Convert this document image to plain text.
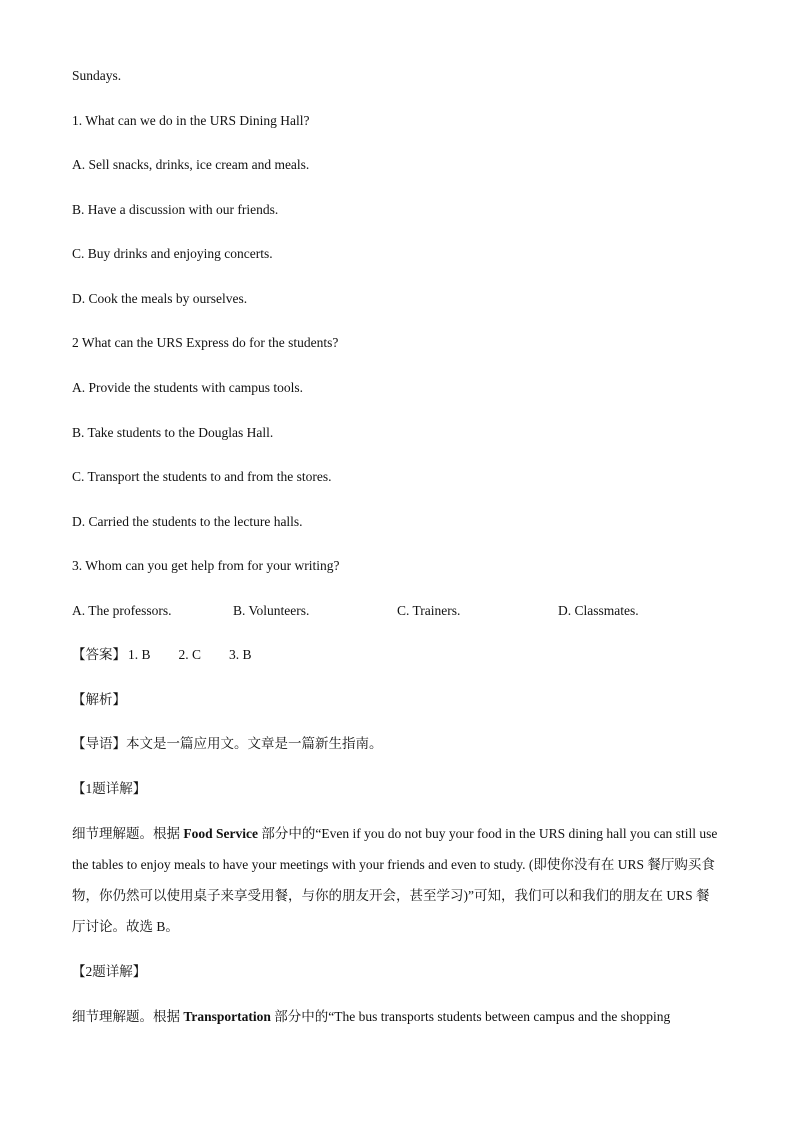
Sundays.
1. What can we do in the URS Dining Hall?
A. Sell snacks, drinks, ice cream and meals.
B. Have a discussion with our friends.
C. Buy drinks and enjoying concerts.
D. Cook the meals by ourselves.
2 What can the URS Express do for the students?
A. Provide the students with campus tools.
B. Take students to the Douglas Hall.
C. Transport the students to and from the stores.
D. Carried the students to the lecture halls.
3. Whom can you get help from for your writing?
A. The professors.	B. Volunteers.	C. Trainers.	D. Classmates.
【答案】 1. B 2. C 3. B
【解析】
【导语】本文是一篇应用文。文章是一篇新生指南。
【1题详解】

细节理解题。根据 Food Service 部分中的“Even if you do not buy your food in the URS dining hall you can still use the tables to enjoy meals to have your meetings with your friends and even to study. (即使你没有在 URS 餐厅购买食物，你仍然可以使用桌子来享受用餐，与你的朋友开会，甚至学习)”可知，我们可以和我们的朋友在 URS 餐厅讨论。故选 B。

【2题详解】

细节理解题。根据 Transportation 部分中的“The bus transports students between campus and the shopping
